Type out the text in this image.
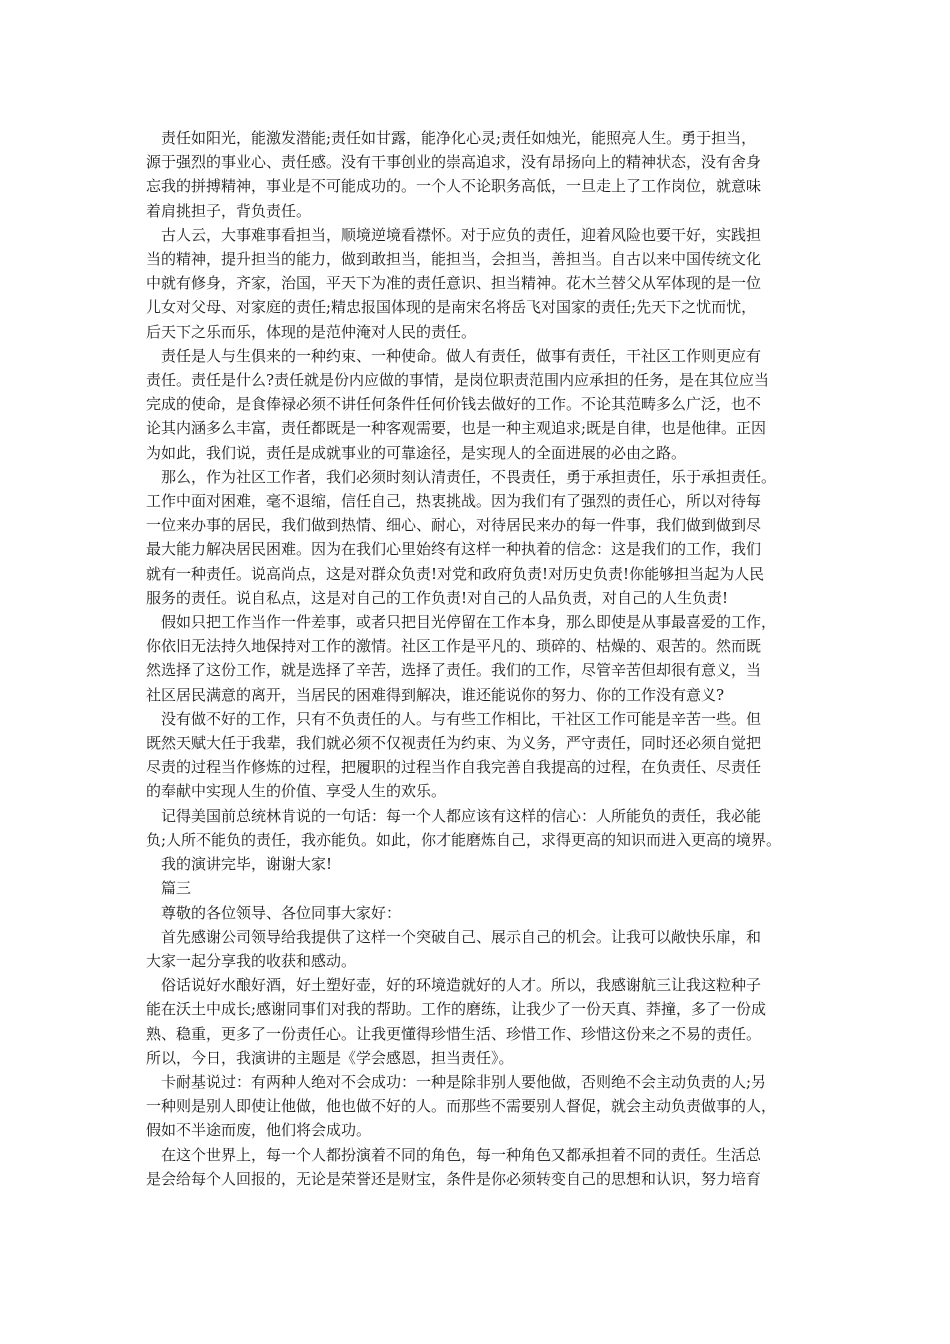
责任如阳光，能激发潜能;责任如甘露，能净化心灵;责任如烛光，能照亮人生。勇于担当，
源于强烈的事业心、责任感。没有干事创业的崇高追求，没有昂扬向上的精神状态，没有舍身
忘我的拼搏精神，事业是不可能成功的。一个人不论职务高低，一旦走上了工作岗位，就意味
着肩挑担子，背负责任。

古人云，大事难事看担当，顺境逆境看襟怀。对于应负的责任，迎着风险也要干好，实践担
当的精神，提升担当的能力，做到敢担当，能担当，会担当，善担当。自古以来中国传统文化
中就有修身，齐家，治国，平天下为准的责任意识、担当精神。花木兰替父从军体现的是一位
儿女对父母、对家庭的责任;精忠报国体现的是南宋名将岳飞对国家的责任;先天下之忧而忧，
后天下之乐而乐，体现的是范仲淹对人民的责任。

责任是人与生俱来的一种约束、一种使命。做人有责任，做事有责任，干社区工作则更应有
责任。责任是什么?责任就是份内应做的事情，是岗位职责范围内应承担的任务，是在其位应当
完成的使命，是食俸禄必须不讲任何条件任何价钱去做好的工作。不论其范畴多么广泛，也不
论其内涵多么丰富，责任都既是一种客观需要，也是一种主观追求;既是自律，也是他律。正因
为如此，我们说，责任是成就事业的可靠途径，是实现人的全面进展的必由之路。

那么，作为社区工作者，我们必须时刻认清责任，不畏责任，勇于承担责任，乐于承担责任。
工作中面对困难，毫不退缩，信任自己，热衷挑战。因为我们有了强烈的责任心，所以对待每
一位来办事的居民，我们做到热情、细心、耐心，对待居民来办的每一件事，我们做到做到尽
最大能力解决居民困难。因为在我们心里始终有这样一种执着的信念：这是我们的工作，我们
就有一种责任。说高尚点，这是对群众负责!对党和政府负责!对历史负责!你能够担当起为人民
服务的责任。说自私点，这是对自己的工作负责!对自己的人品负责，对自己的人生负责!

假如只把工作当作一件差事，或者只把目光停留在工作本身，那么即使是从事最喜爱的工作，
你依旧无法持久地保持对工作的激情。社区工作是平凡的、琐碎的、枯燥的、艰苦的。然而既
然选择了这份工作，就是选择了辛苦，选择了责任。我们的工作，尽管辛苦但却很有意义，当
社区居民满意的离开，当居民的困难得到解决，谁还能说你的努力、你的工作没有意义?

没有做不好的工作，只有不负责任的人。与有些工作相比，干社区工作可能是辛苦一些。但
既然天赋大任于我辈，我们就必须不仅视责任为约束、为义务，严守责任，同时还必须自觉把
尽责的过程当作修炼的过程，把履职的过程当作自我完善自我提高的过程，在负责任、尽责任
的奉献中实现人生的价值、享受人生的欢乐。

记得美国前总统林肯说的一句话：每一个人都应该有这样的信心：人所能负的责任，我必能
负;人所不能负的责任，我亦能负。如此，你才能磨炼自己，求得更高的知识而进入更高的境界。

我的演讲完毕，谢谢大家!

篇三

尊敬的各位领导、各位同事大家好：

首先感谢公司领导给我提供了这样一个突破自己、展示自己的机会。让我可以敞快乐扉，和
大家一起分享我的收获和感动。

俗话说好水酿好酒，好土塑好壶，好的环境造就好的人才。所以，我感谢航三让我这粒种子
能在沃土中成长;感谢同事们对我的帮助。工作的磨练，让我少了一份天真、莽撞，多了一份成
熟、稳重，更多了一份责任心。让我更懂得珍惜生活、珍惜工作、珍惜这份来之不易的责任。
所以，今日，我演讲的主题是《学会感恩，担当责任》。

卡耐基说过：有两种人绝对不会成功：一种是除非别人要他做，否则绝不会主动负责的人;另
一种则是别人即使让他做，他也做不好的人。而那些不需要别人督促，就会主动负责做事的人，
假如不半途而废，他们将会成功。

在这个世界上，每一个人都扮演着不同的角色，每一种角色又都承担着不同的责任。生活总
是会给每个人回报的，无论是荣誉还是财宝，条件是你必须转变自己的思想和认识，努力培育
